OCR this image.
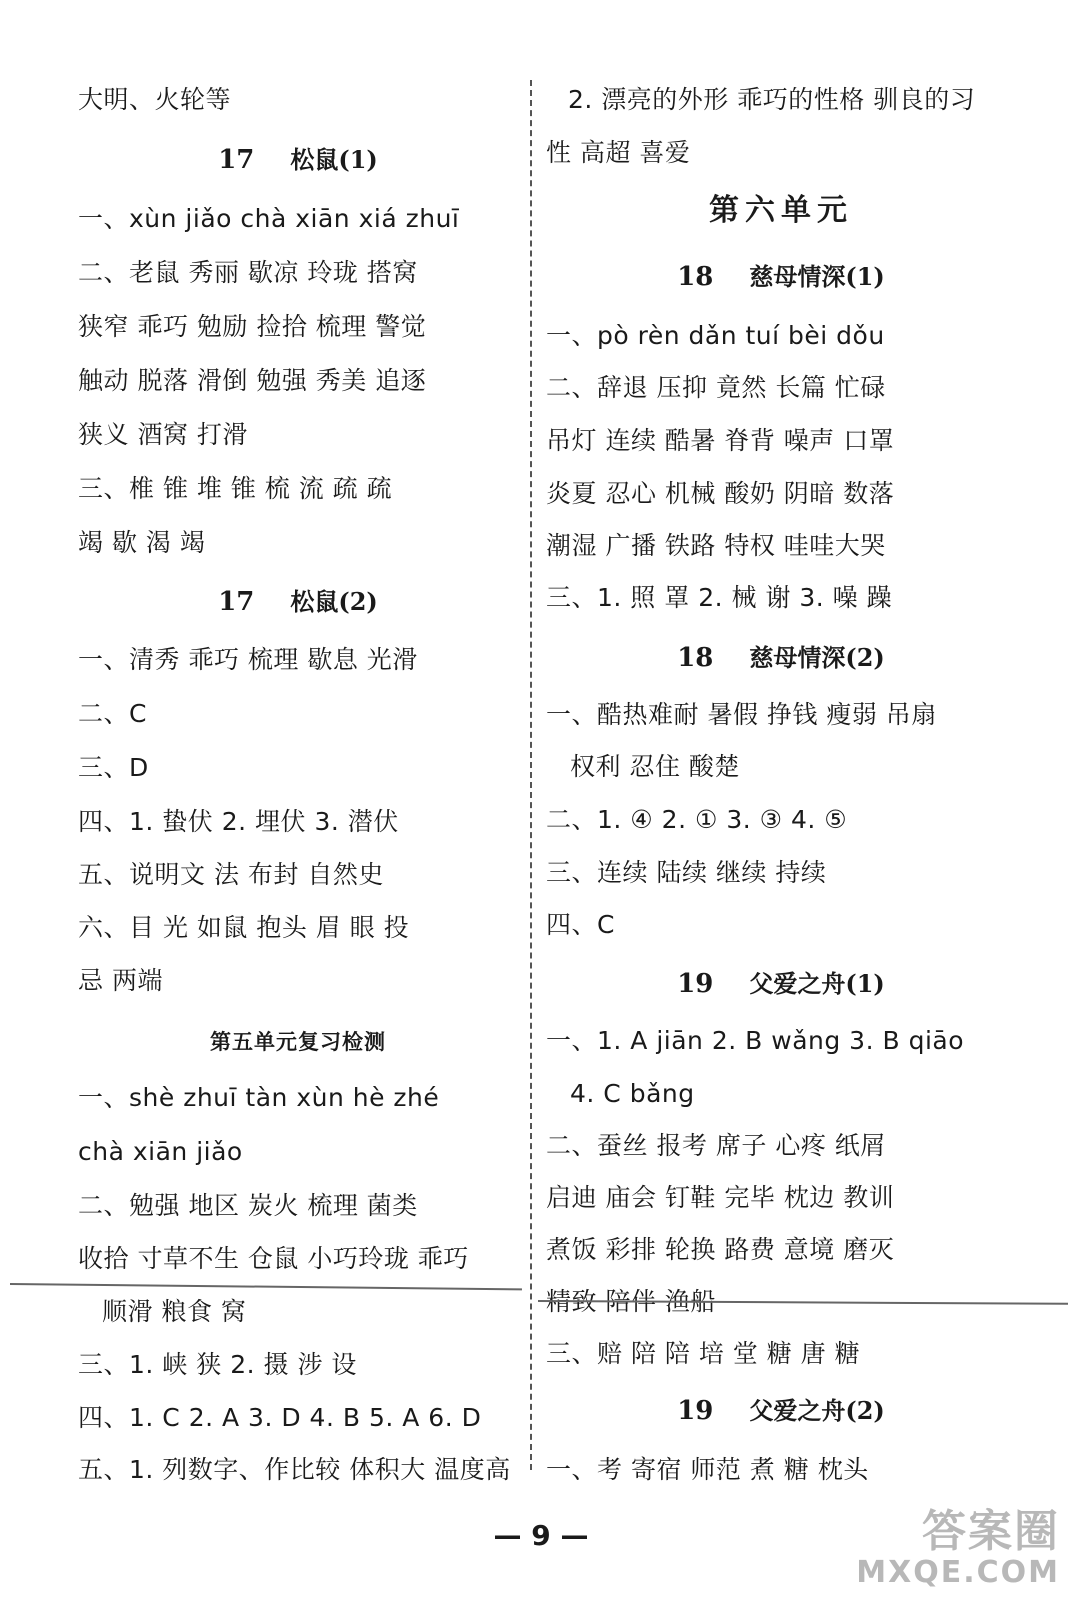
大明、火轮等
17 松鼠(1)
一、xùn jiǎo chà xiān xiá zhuī
二、老鼠 秀丽 歇凉 玲珑 搭窝
狭窄 乖巧 勉励 捡拾 梳理 警觉
触动 脱落 滑倒 勉强 秀美 追逐
狭义 酒窝 打滑
三、椎 锥 堆 锥 梳 流 疏 疏
竭 歇 渴 竭
17 松鼠(2)
一、清秀 乖巧 梳理 歇息 光滑
二、C
三、D
四、1. 蛰伏 2. 埋伏 3. 潜伏
五、说明文 法 布封 自然史
六、目 光 如鼠 抱头 眉 眼 投
忌 两端
第五单元复习检测
一、shè zhuī tàn xùn hè zhé
chà xiān jiǎo
二、勉强 地区 炭火 梳理 菌类
收拾 寸草不生 仓鼠 小巧玲珑 乖巧
顺滑 粮食 窝
三、1. 峡 狭 2. 摄 涉 设
四、1. C 2. A 3. D 4. B 5. A 6. D
五、1. 列数字、作比较 体积大 温度高
2. 漂亮的外形 乖巧的性格 驯良的习
性 高超 喜爱
第六单元
18 慈母情深(1)
一、pò rèn dǎn tuí bèi dǒu
二、辞退 压抑 竟然 长篇 忙碌
吊灯 连续 酷暑 脊背 噪声 口罩
炎夏 忍心 机械 酸奶 阴暗 数落
潮湿 广播 铁路 特权 哇哇大哭
三、1. 照 罩 2. 械 谢 3. 噪 躁
18 慈母情深(2)
一、酷热难耐 暑假 挣钱 瘦弱 吊扇
权利 忍住 酸楚
二、1. ④ 2. ① 3. ③ 4. ⑤
三、连续 陆续 继续 持续
四、C
19 父爱之舟(1)
一、1. A jiān 2. B wǎng 3. B qiāo
4. C bǎng
二、蚕丝 报考 席子 心疼 纸屑
启迪 庙会 钉鞋 完毕 枕边 教训
煮饭 彩排 轮换 路费 意境 磨灭
精致 陪伴 渔船
三、赔 陪 陪 培 堂 糖 唐 糖
19 父爱之舟(2)
一、考 寄宿 师范 煮 糖 枕头
— 9 —	答案圈
MXQE.COM
